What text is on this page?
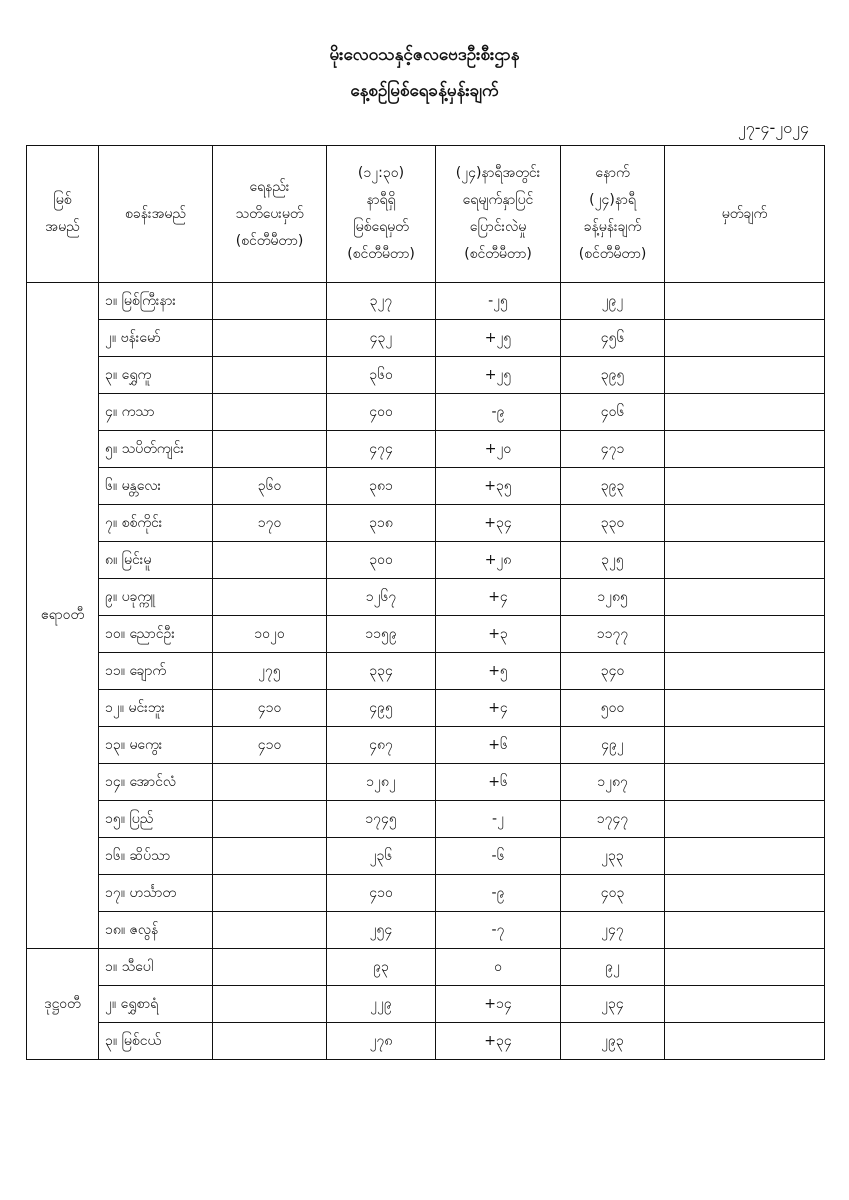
မိုးလေဝသနှင့်ဇလဗေဒဦးစီးဌာန
နေ့စဉ်မြစ်ရေခန့်မှန်းချက်
၂၇-၄-၂၀၂၄
မြစ်
အမည်	စခန်းအမည်	ရေနည်း
သတိပေးမှတ်
(စင်တီမီတာ)	(၁၂:၃၀)
နာရီရှိ
မြစ်ရေမှတ်
(စင်တီမီတာ)	(၂၄)နာရီအတွင်း
ရေမျက်နှာပြင်
ပြောင်းလဲမှု
(စင်တီမီတာ)	နောက်
(၂၄)နာရီ
ခန့်မှန်းချက်
(စင်တီမီတာ)	မှတ်ချက်
ဧရာဝတီ	၁။ မြစ်ကြီးနား		၃၂၇	-၂၅	၂၉၂	
	၂။ ဗန်းမော်		၄၃၂	+၂၅	၄၅၆	
	၃။ ရွှေကူ		၃၆၀	+၂၅	၃၉၅	
	၄။ ကသာ		၄၀၀	-၉	၄၀၆	
	၅။ သပိတ်ကျင်း		၄၇၄	+၂၀	၄၇၁	
	၆။ မန္တလေး	၃၆၀	၃၈၁	+၃၅	၃၉၃	
	၇။ စစ်ကိုင်း	၁၇၀	၃၁၈	+၃၄	၃၃၀	
	၈။ မြင်းမူ		၃၀၀	+၂၈	၃၂၅	
	၉။ ပခုက္ကူ		၁၂၆၇	+၄	၁၂၈၅	
	၁၀။ ညောင်ဦး	၁၀၂၀	၁၁၅၉	+၃	၁၁၇၇	
	၁၁။ ချောက်	၂၇၅	၃၃၄	+၅	၃၄၀	
	၁၂။ မင်းဘူး	၄၁၀	၄၉၅	+၄	၅၀၀	
	၁၃။ မကွေး	၄၁၀	၄၈၇	+၆	၄၉၂	
	၁၄။ အောင်လံ		၁၂၈၂	+၆	၁၂၈၇	
	၁၅။ ပြည်		၁၇၄၅	-၂	၁၇၄၇	
	၁၆။ ဆိပ်သာ		၂၃၆	-၆	၂၃၃	
	၁၇။ ဟင်္သာတ		၄၁၀	-၉	၄၀၃	
	၁၈။ ဇလွန်		၂၅၄	-၇	၂၄၇	
ဒုဋ္ဌဝတီ	၁။ သီပေါ		၉၃	၀	၉၂	
	၂။ ရွှေစာရံ		၂၂၉	+၁၄	၂၃၄	
	၃။ မြစ်ငယ်		၂၇၈	+၃၄	၂၉၃	
